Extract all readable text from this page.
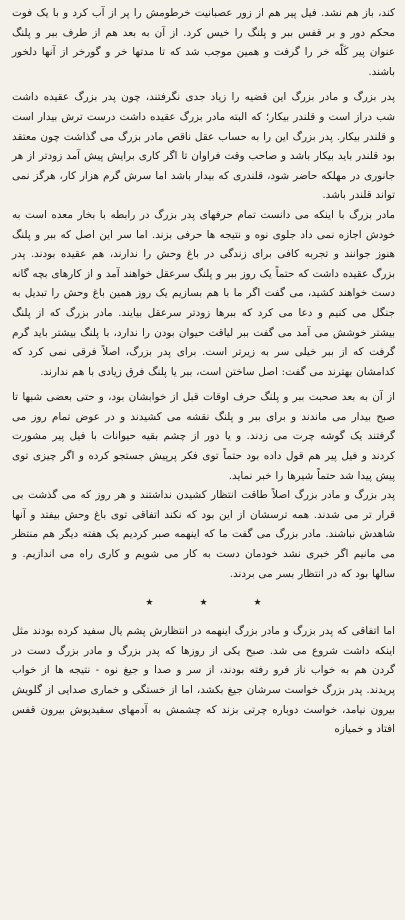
کند، باز هم نشد. فیل پیر هم از زور عصبانیت خرطومش را پر از آب کرد و با یک فوت محکم دور و بر قفس ببر و پلنگ را خیس کرد. از آن به بعد هم از طرف ببر و پلنگ عنوان پیر کَلّه خر را گرفت و همین موجب شد که تا مدتها خر و گورخر از آنها دلخور باشند.

پدر بزرگ و مادر بزرگ این قضیه را زیاد جدی نگرفتند، چون پدر بزرگ عقیده داشت شب دراز است و قلندر بیکار؛ که البته مادر بزرگ عقیده داشت درست ترش بیدار است و قلندر بیکار. پدر بزرگ این را به حساب عقل ناقص مادر بزرگ می گذاشت چون معتقد بود قلندر باید بیکار باشد و صاحب وقت فراوان تا اگر کاری برایش پیش آمد زودتر از هر جانوری در مهلکه حاضر شود، قلندری که بیدار باشد اما سرش گرم هزار کار، هرگز نمی تواند قلندر باشد.

مادر بزرگ با اینکه می دانست تمام حرفهای پدر بزرگ در رابطه با بخار معده است به خودش اجازه نمی داد جلوی نوه و نتیجه ها حرفی بزند. اما سر این اصل که ببر و پلنگ هنوز جوانند و تجربه کافی برای زندگی در باغ وحش را ندارند، هم عقیده بودند. پدر بزرگ عقیده داشت که حتماً یک روز ببر و پلنگ سرعقل خواهند آمد و از کارهای بچه گانه دست خواهند کشید، می گفت اگر ما با هم بسازیم یک روز همین باغ وحش را تبدیل به جنگل می کنیم و دعا می کرد که ببرها زودتر سرعقل بیایند. مادر بزرگ که از پلنگ بیشتر خوشش می آمد می گفت ببر لیاقت حیوان بودن را ندارد، با پلنگ بیشتر باید گرم گرفت که از ببر خیلی سر به زیرتر است. برای پدر بزرگ، اصلاً فرقی نمی کرد که کدامشان بهترند می گفت: اصل ساختن است، ببر یا پلنگ فرق زیادی با هم ندارند.

از آن به بعد صحبت ببر و پلنگ حرف اوقات قبل از خوابشان بود، و حتی بعضی شبها تا صبح بیدار می ماندند و برای ببر و پلنگ نقشه می کشیدند و در عوض تمام روز می گرفتند یک گوشه چرت می زدند. و یا دور از چشم بقیه حیوانات با فیل پیر مشورت کردند و فیل پیر هم قول داده بود حتماً توی فکر پرپیش جستجو کرده و اگر چیزی توی پیش پیدا شد حتماً شیرها را خبر نماید.

پدر بزرگ و مادر بزرگ اصلاً طاقت انتظار کشیدن نداشتند و هر روز که می گذشت بی قرار تر می شدند. همه ترسشان از این بود که نکند اتفاقی توی باغ وحش بیفتد و آنها شاهدش نباشند. مادر بزرگ می گفت ما که اینهمه صبر کردیم یک هفته دیگر هم منتظر می مانیم اگر خبری نشد خودمان دست به کار می شویم و کاری راه می اندازیم. و سالها بود که در انتظار بسر می بردند.

★	★	★

اما اتفاقی که پدر بزرگ و مادر بزرگ اینهمه در انتظارش پشم یال سفید کرده بودند مثل اینکه داشت شروع می شد. صبح یکی از روزها که پدر بزرگ و مادر بزرگ دست در گردن هم به خواب ناز فرو رفته بودند، از سر و صدا و جیغ نوه - نتیجه ها از خواب پریدند. پدر بزرگ خواست سرشان جیغ بکشد، اما از خستگی و خماری صدایی از گلویش بیرون نیامد، خواست دوباره چرتی بزند که چشمش به آدمهای سفیدپوش بیرون قفس افتاد و خمیازه
